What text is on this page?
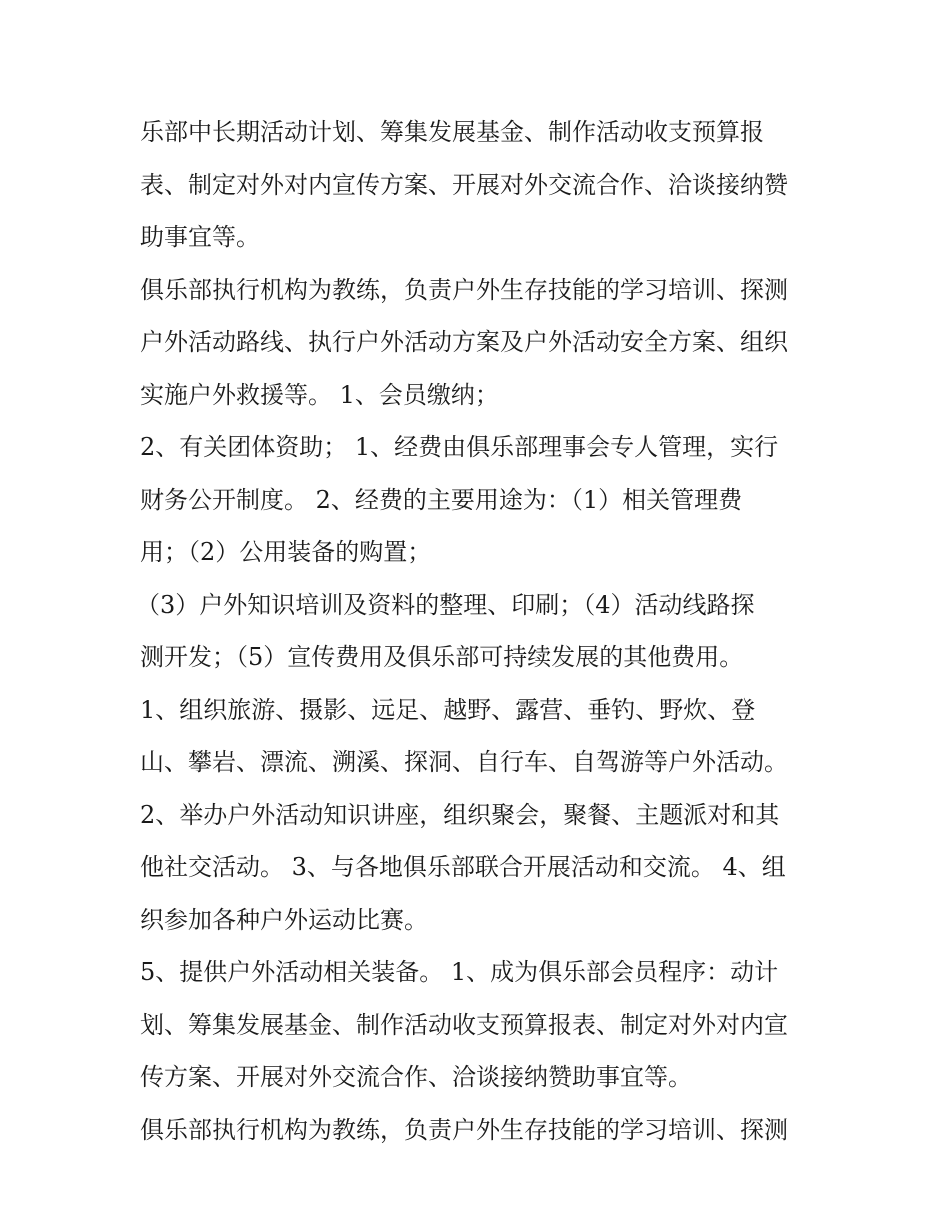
乐部中长期活动计划、筹集发展基金、制作活动收支预算报
表、制定对外对内宣传方案、开展对外交流合作、洽谈接纳赞
助事宜等。
俱乐部执行机构为教练，负责户外生存技能的学习培训、探测
户外活动路线、执行户外活动方案及户外活动安全方案、组织
实施户外救援等。 1、会员缴纳；
2、有关团体资助； 1、经费由俱乐部理事会专人管理，实行
财务公开制度。 2、经费的主要用途为：（1）相关管理费
用；（2）公用装备的购置；
（3）户外知识培训及资料的整理、印刷；（4）活动线路探
测开发；（5）宣传费用及俱乐部可持续发展的其他费用。
1、组织旅游、摄影、远足、越野、露营、垂钓、野炊、登
山、攀岩、漂流、溯溪、探洞、自行车、自驾游等户外活动。
2、举办户外活动知识讲座，组织聚会，聚餐、主题派对和其
他社交活动。 3、与各地俱乐部联合开展活动和交流。 4、组
织参加各种户外运动比赛。
5、提供户外活动相关装备。 1、成为俱乐部会员程序：动计
划、筹集发展基金、制作活动收支预算报表、制定对外对内宣
传方案、开展对外交流合作、洽谈接纳赞助事宜等。
俱乐部执行机构为教练，负责户外生存技能的学习培训、探测
